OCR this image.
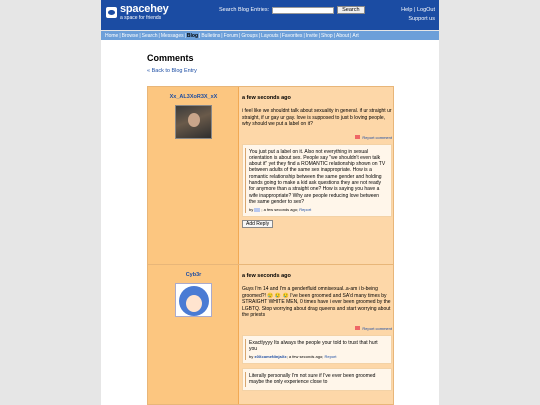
spacehey
a space for friends
Search Blog Entries:	Search	Help | LogOut
Support us
Home | Browse | Search | Messages | Blog | Bulletins | Forum | Groups | Layouts | Favorites | Invite | Shop | About | Art
Comments
« Back to Blog Entry
Xx_AL3XoR3X_xX	a few seconds ago
i feel like we shouldnt talk about sexuality in general. if ur straight ur straight, if ur gay ur gay. love is supposed to just b loving people, why should we put a label on it?
Report comment
You just put a label on it. Also not everything in sexual orientation is about sex. People say "we shouldn't even talk about it" yet they find a ROMANTIC relationship shown on TV between adults of the same sex inappropriate. How is a romantic relationship between the same gender and holding hands going to make a kid ask questions they are not ready for anymore than a straight one? How is saying you have a wife inappropriate? Why are people reducing love between the same gender to sex?
by ; a few seconds ago; Report
Add Reply
Cyb3r	a few seconds ago
Guys I'm 14 and I'm a genderfluid omnisexual..a-am i b-being groomed?! 😢 😢 😢 I've been groomed and SA'd many times by STRAIGHT WHITE MEN, 0 times have i ever been groomed by the LGBTQ. Stop worrying about drag queens and start worrying about the priests
Report comment
Exactlyyyy Its always the people your told to trust that hurt you
by x0XcomeNinjaXx; a few seconds ago; Report
Literally personally I'm not sure if I've ever been groomed maybe the only experience close to
